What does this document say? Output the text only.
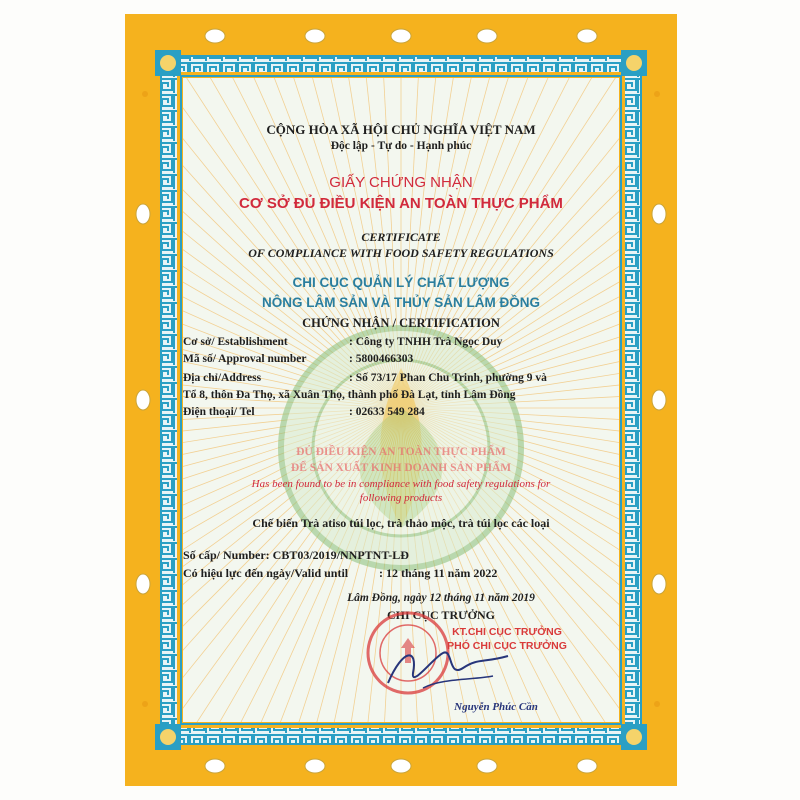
CỘNG HÒA XÃ HỘI CHỦ NGHĨA VIỆT NAM
Độc lập - Tự do - Hạnh phúc
GIẤY CHỨNG NHẬN
CƠ SỞ ĐỦ ĐIỀU KIỆN AN TOÀN THỰC PHẨM
CERTIFICATE
OF COMPLIANCE WITH FOOD SAFETY REGULATIONS
CHI CỤC QUẢN LÝ CHẤT LƯỢNG
NÔNG LÂM SẢN VÀ THỦY SẢN LÂM ĐỒNG
CHỨNG NHẬN / CERTIFICATION
Cơ sở/ Establishment	: Công ty TNHH Trà Ngọc Duy
Mã số/ Approval number	: 5800466303
Địa chỉ/Address	: Số 73/17 Phan Chu Trinh, phường 9 và
Tổ 8, thôn Đa Thọ, xã Xuân Thọ, thành phố Đà Lạt, tỉnh Lâm Đồng
Điện thoại/ Tel	: 02633 549 284
ĐỦ ĐIỀU KIỆN AN TOÀN THỰC PHẨM
ĐỂ SẢN XUẤT KINH DOANH SẢN PHẨM
Has been found to be in compliance with food safety regulations for
following products
Chế biến Trà atiso túi lọc, trà thảo mộc, trà túi lọc các loại
Số cấp/ Number: CBT03/2019/NNPTNT-LĐ
Có hiệu lực đến ngày/Valid until	: 12 tháng 11 năm 2022
Lâm Đồng, ngày 12 tháng 11 năm 2019
CHI CỤC TRƯỞNG
KT.CHI CỤC TRƯỞNG
PHÓ CHI CỤC TRƯỞNG
Nguyễn Phúc Cần
